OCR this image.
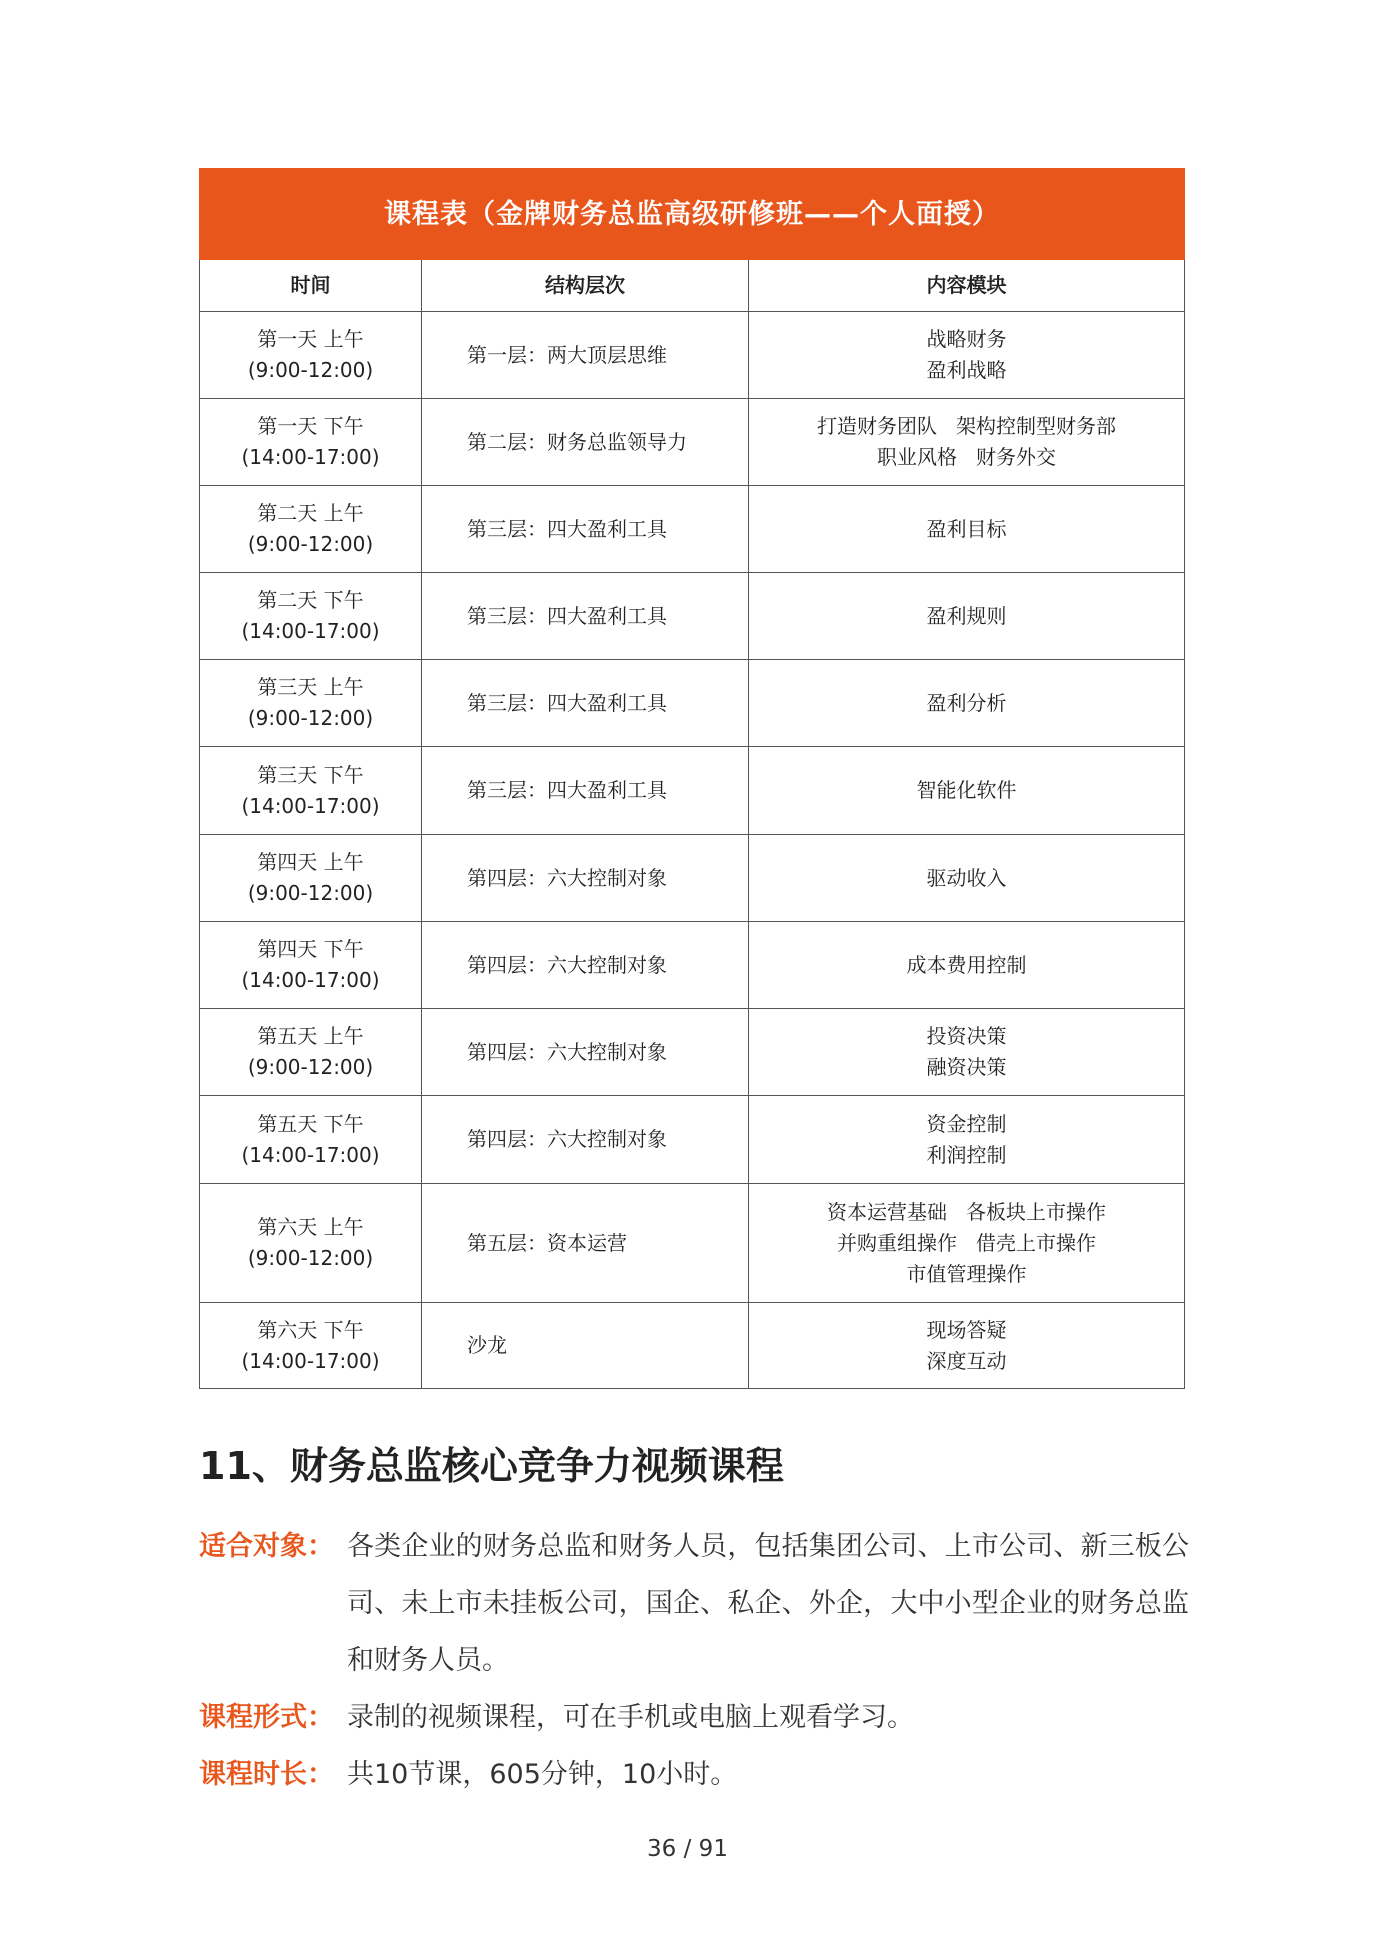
课程表（金牌财务总监高级研修班——个人面授）		
时间	结构层次	内容模块

第一天 上午
(9:00-12:00)	第一层：两大顶层思维	战略财务
盈利战略

第一天 下午
(14:00-17:00)	第二层：财务总监领导力	打造财务团队   架构控制型财务部
职业风格   财务外交

第二天 上午
(9:00-12:00)	第三层：四大盈利工具	盈利目标

第二天 下午
(14:00-17:00)	第三层：四大盈利工具	盈利规则

第三天 上午
(9:00-12:00)	第三层：四大盈利工具	盈利分析

第三天 下午
(14:00-17:00)	第三层：四大盈利工具	智能化软件

第四天 上午
(9:00-12:00)	第四层：六大控制对象	驱动收入

第四天 下午
(14:00-17:00)	第四层：六大控制对象	成本费用控制

第五天 上午
(9:00-12:00)	第四层：六大控制对象	投资决策
融资决策

第五天 下午
(14:00-17:00)	第四层：六大控制对象	资金控制
利润控制

第六天 上午
(9:00-12:00)	第五层：资本运营	资本运营基础   各板块上市操作
并购重组操作   借壳上市操作
市值管理操作

第六天 下午
(14:00-17:00)	沙龙	现场答疑
深度互动
11、财务总监核心竞争力视频课程
适合对象： 各类企业的财务总监和财务人员，包括集团公司、上市公司、新三板公司、未上市未挂板公司，国企、私企、外企，大中小型企业的财务总监和财务人员。
课程形式： 录制的视频课程，可在手机或电脑上观看学习。
课程时长： 共10节课，605分钟，10小时。
36 / 91
